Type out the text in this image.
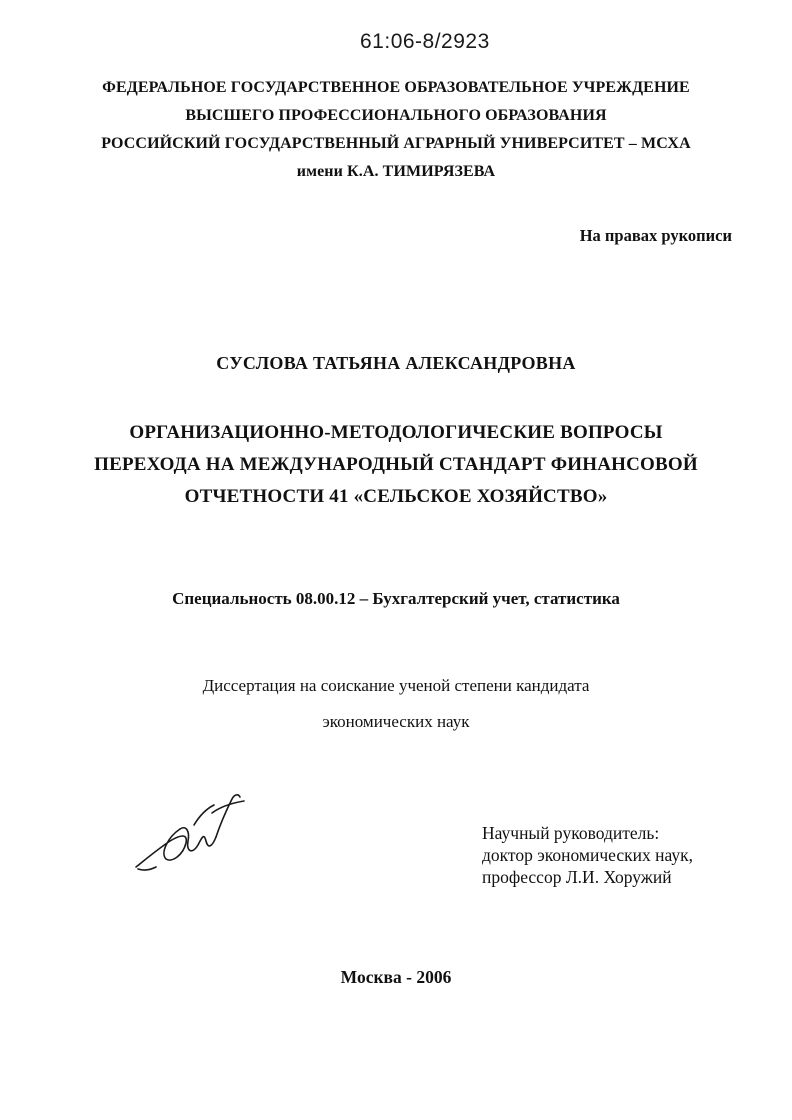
61:06-8/2923
ФЕДЕРАЛЬНОЕ ГОСУДАРСТВЕННОЕ ОБРАЗОВАТЕЛЬНОЕ УЧРЕЖДЕНИЕ
ВЫСШЕГО ПРОФЕССИОНАЛЬНОГО ОБРАЗОВАНИЯ
РОССИЙСКИЙ ГОСУДАРСТВЕННЫЙ АГРАРНЫЙ УНИВЕРСИТЕТ – МСХА
имени К.А. ТИМИРЯЗЕВА
На правах рукописи
СУСЛОВА ТАТЬЯНА АЛЕКСАНДРОВНА
ОРГАНИЗАЦИОННО-МЕТОДОЛОГИЧЕСКИЕ ВОПРОСЫ
ПЕРЕХОДА НА МЕЖДУНАРОДНЫЙ СТАНДАРТ ФИНАНСОВОЙ
ОТЧЕТНОСТИ 41 «СЕЛЬСКОЕ ХОЗЯЙСТВО»
Специальность 08.00.12 – Бухгалтерский учет, статистика
Диссертация на соискание ученой степени кандидата
экономических наук
Научный руководитель:
доктор экономических наук,
профессор Л.И. Хоружий
Москва - 2006
